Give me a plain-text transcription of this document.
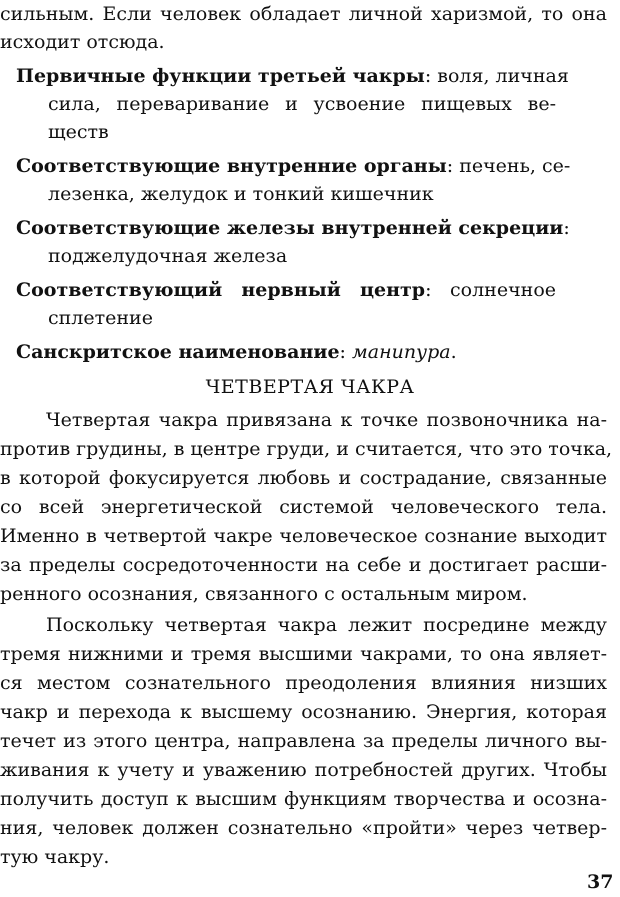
сильным. Если человек обладает личной харизмой, то она
исходит отсюда.
Первичные функции третьей чакры: воля, личная
сила, переваривание и усвоение пищевых ве-
ществ
Соответствующие внутренние органы: печень, се-
лезенка, желудок и тонкий кишечник
Соответствующие железы внутренней секреции:
поджелудочная железа
Соответствующий нервный центр: солнечное
сплетение
Санскритское наименование: манипура.
ЧЕТВЕРТАЯ ЧАКРА
Четвертая чакра привязана к точке позвоночника на-
против грудины, в центре груди, и считается, что это точка,
в которой фокусируется любовь и сострадание, связанные
со всей энергетической системой человеческого тела.
Именно в четвертой чакре человеческое сознание выходит
за пределы сосредоточенности на себе и достигает расши-
ренного осознания, связанного с остальным миром.
Поскольку четвертая чакра лежит посредине между
тремя нижними и тремя высшими чакрами, то она являет-
ся местом сознательного преодоления влияния низших
чакр и перехода к высшему осознанию. Энергия, которая
течет из этого центра, направлена за пределы личного вы-
живания к учету и уважению потребностей других. Чтобы
получить доступ к высшим функциям творчества и осозна-
ния, человек должен сознательно «пройти» через четвер-
тую чакру.
37
